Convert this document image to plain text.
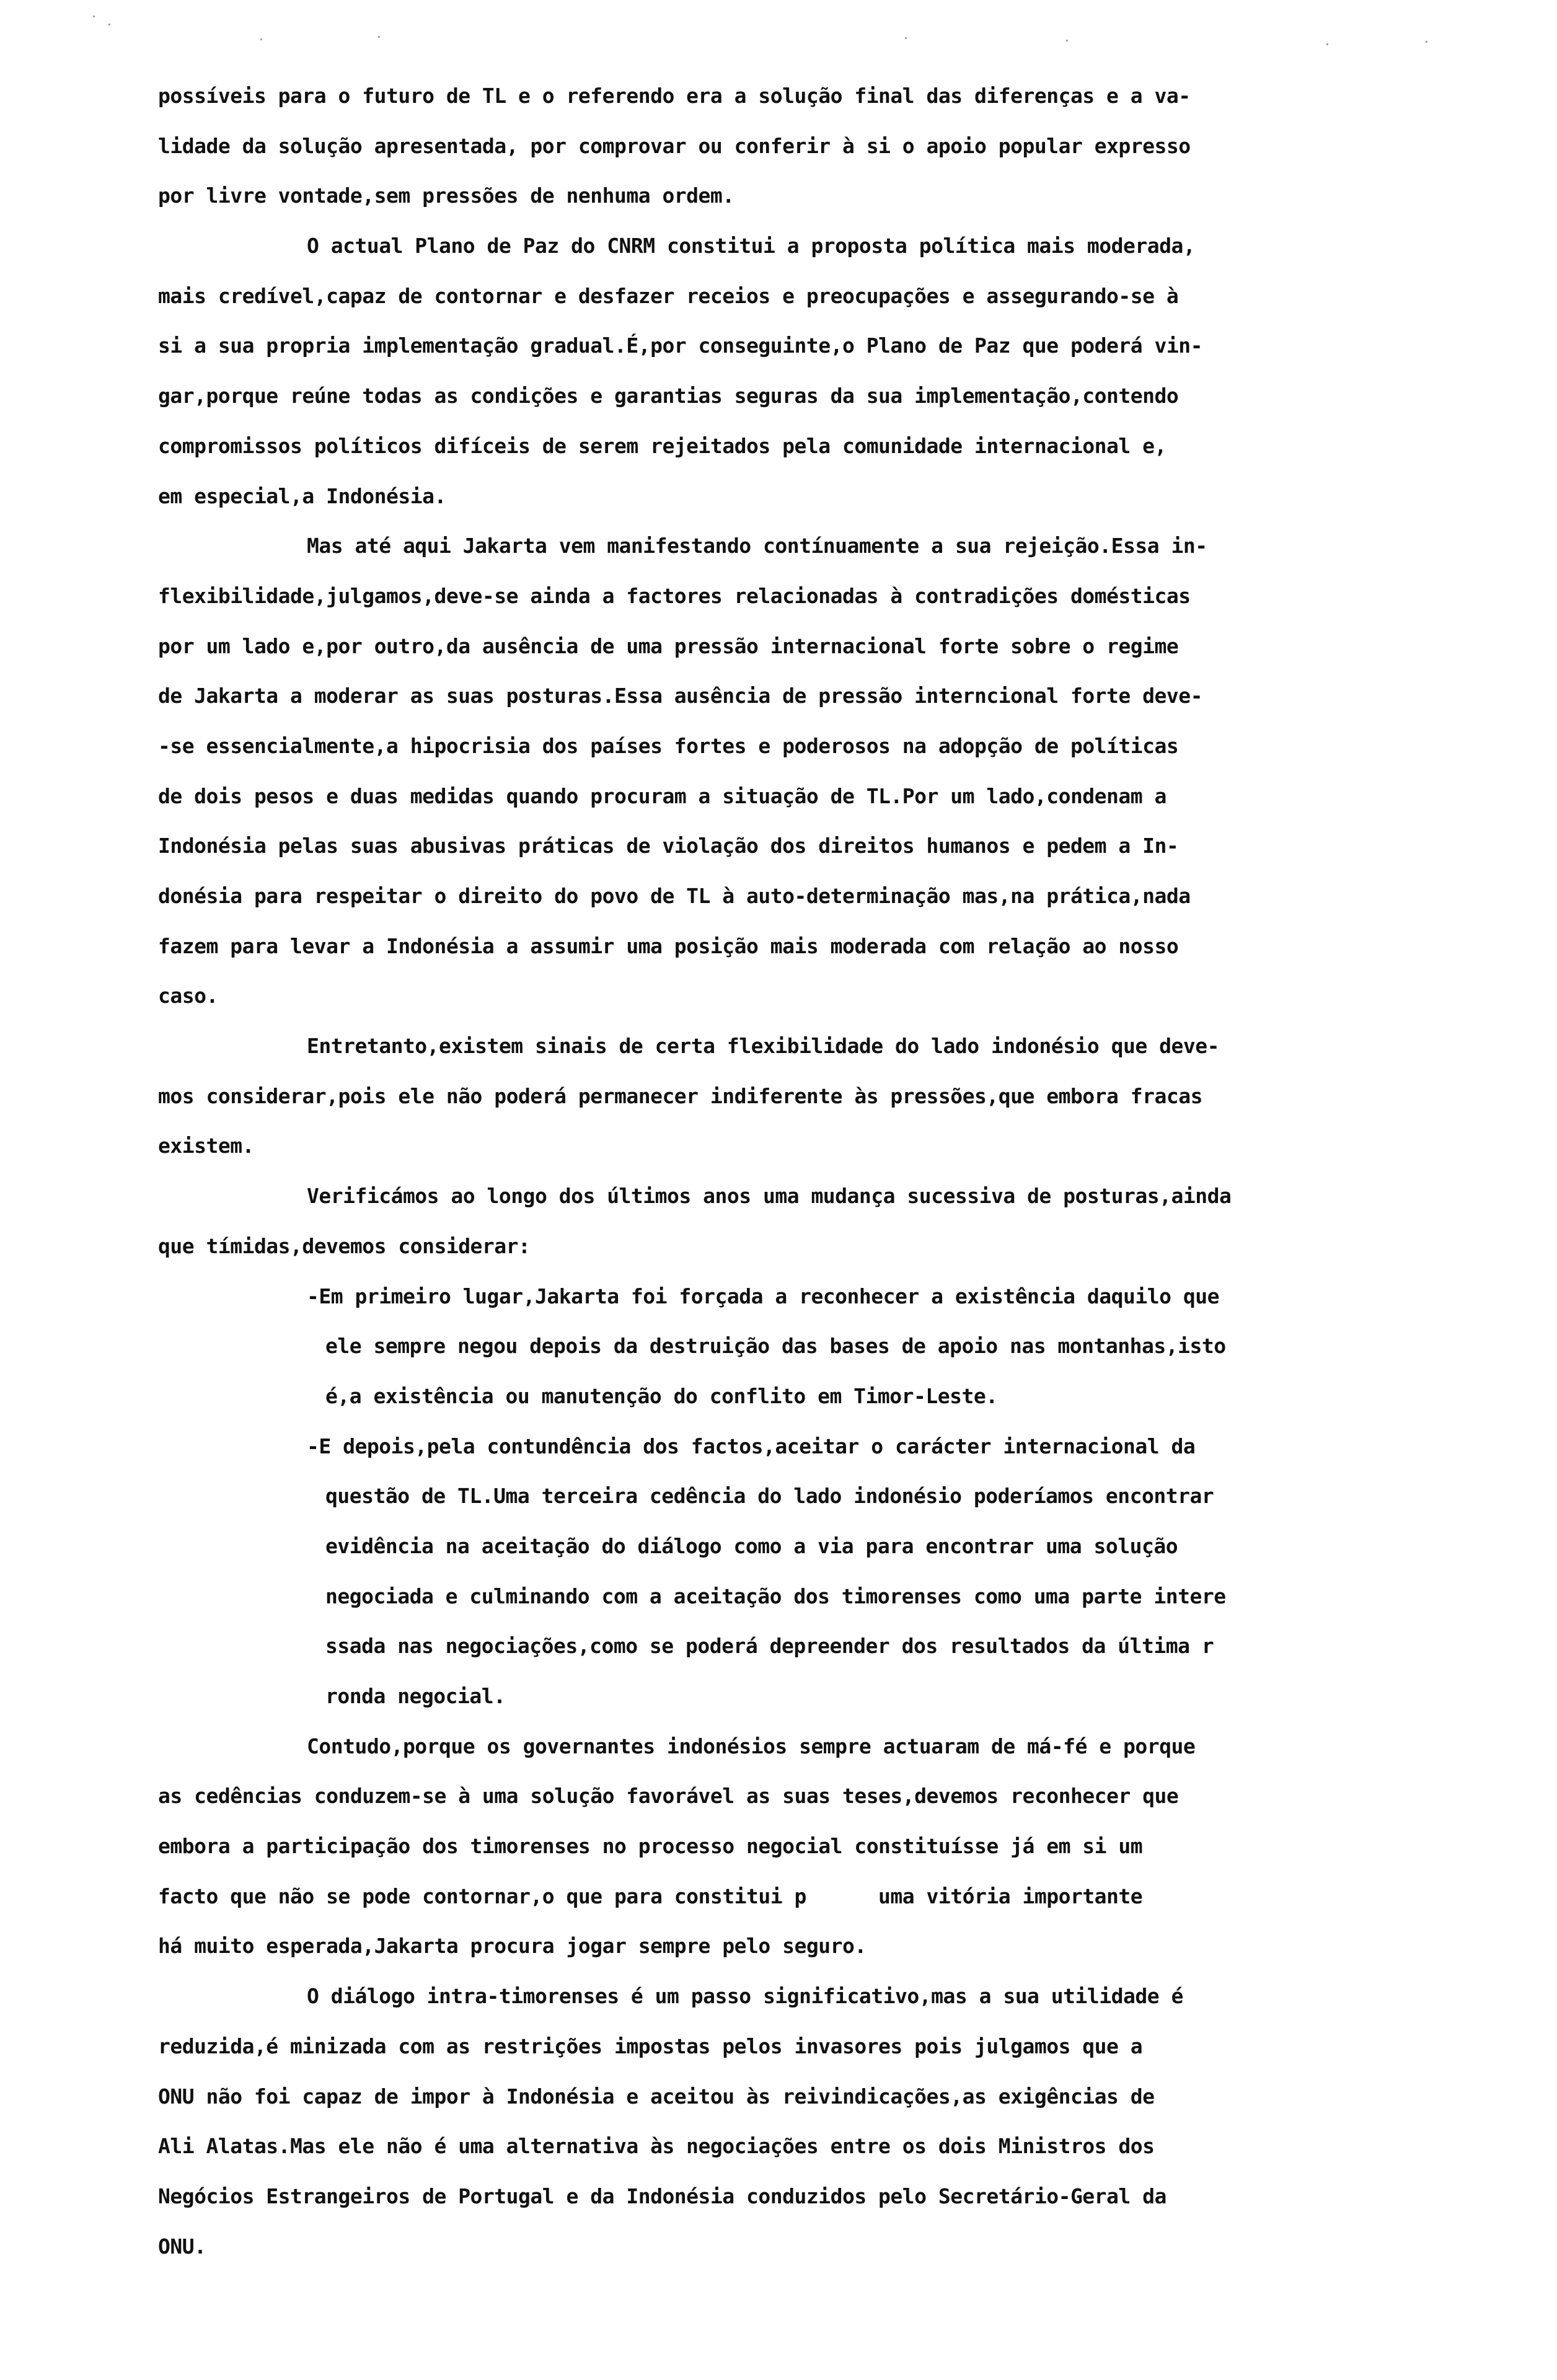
possíveis para o futuro de TL e o referendo era a solução final das diferenças e a va-
lidade da solução apresentada, por comprovar ou conferir à si o apoio popular expresso
por livre vontade,sem pressões de nenhuma ordem.
O actual Plano de Paz do CNRM constitui a proposta política mais moderada,
mais credível,capaz de contornar e desfazer receios e preocupações e assegurando-se à
si a sua propria implementação gradual.É,por conseguinte,o Plano de Paz que poderá vin-
gar,porque reúne todas as condições e garantias seguras da sua implementação,contendo
compromissos políticos difíceis de serem rejeitados pela comunidade internacional e,
em especial,a Indonésia.
Mas até aqui Jakarta vem manifestando contínuamente a sua rejeição.Essa in-
flexibilidade,julgamos,deve-se ainda a factores relacionadas à contradições domésticas
por um lado e,por outro,da ausência de uma pressão internacional forte sobre o regime
de Jakarta a moderar as suas posturas.Essa ausência de pressão interncional forte deve-
-se essencialmente,a hipocrisia dos países fortes e poderosos na adopção de políticas
de dois pesos e duas medidas quando procuram a situação de TL.Por um lado,condenam a
Indonésia pelas suas abusivas práticas de violação dos direitos humanos e pedem a In-
donésia para respeitar o direito do povo de TL à auto-determinação mas,na prática,nada
fazem para levar a Indonésia a assumir uma posição mais moderada com relação ao nosso
caso.
Entretanto,existem sinais de certa flexibilidade do lado indonésio que deve-
mos considerar,pois ele não poderá permanecer indiferente às pressões,que embora fracas
existem.
Verificámos ao longo dos últimos anos uma mudança sucessiva de posturas,ainda
que tímidas,devemos considerar:
-Em primeiro lugar,Jakarta foi forçada a reconhecer a existência daquilo que
ele sempre negou depois da destruição das bases de apoio nas montanhas,isto
é,a existência ou manutenção do conflito em Timor-Leste.
-E depois,pela contundência dos factos,aceitar o carácter internacional da
questão de TL.Uma terceira cedência do lado indonésio poderíamos encontrar
evidência na aceitação do diálogo como a via para encontrar uma solução
negociada e culminando com a aceitação dos timorenses como uma parte intere
ssada nas negociações,como se poderá depreender dos resultados da última r
ronda negocial.
Contudo,porque os governantes indonésios sempre actuaram de má-fé e porque
as cedências conduzem-se à uma solução favorável as suas teses,devemos reconhecer que
embora a participação dos timorenses no processo negocial constituísse já em si um
facto que não se pode contornar,o que para constitui p      uma vitória importante
há muito esperada,Jakarta procura jogar sempre pelo seguro.
O diálogo intra-timorenses é um passo significativo,mas a sua utilidade é
reduzida,é minizada com as restrições impostas pelos invasores pois julgamos que a
ONU não foi capaz de impor à Indonésia e aceitou às reivindicações,as exigências de
Ali Alatas.Mas ele não é uma alternativa às negociações entre os dois Ministros dos
Negócios Estrangeiros de Portugal e da Indonésia conduzidos pelo Secretário-Geral da
ONU.
